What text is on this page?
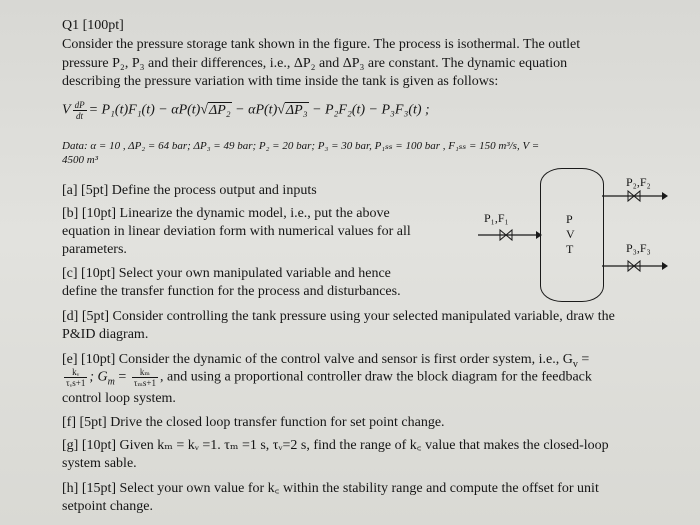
Q1 [100pt]
Consider the pressure storage tank shown in the figure. The process is isothermal. The outlet
pressure P₂, P₃ and their differences, i.e., ΔP₂ and ΔP₃ are constant. The dynamic equation
describing the pressure variation with time inside the tank is given as follows:
V $\frac{dP}{dt} = P_1(t)F_1(t) - \alpha P(t)√\Delta P_2 - \alpha P(t)√\Delta P_3 - P_2F_2(t) - P_3F_3(t)$ ;
Data: α = 10 , ΔP₂ = 64 bar; ΔP₃ = 49 bar; P₂ = 20 bar; P₃ = 30 bar, P₁ₛₛ = 100 bar , F₁ₛₛ = 150 m³/s, V =
4500 m³
[a] [5pt] Define the process output and inputs
[b] [10pt] Linearize the dynamic model, i.e., put the above
equation in linear deviation form with numerical values for all
parameters.
[c] [10pt] Select your own manipulated variable and hence
define the transfer function for the process and disturbances.
P₁,F₁
P₂,F₂
P₃,F₃
P
V
T
[d] [5pt] Consider controlling the tank pressure using your selected manipulated variable, draw the
P&ID diagram.
[e] [10pt] Consider the dynamic of the control valve and sensor is first order system, i.e., $G_v$ =
$\frac{\text{kᵥ}}{\text{τᵥs+1}}$ ; $G_m = \frac{\text{kₘ}}{\text{τₘs+1}}$ , and using a proportional controller draw the block diagram for the feedback
control loop system.
[f] [5pt] Drive the closed loop transfer function for set point change.
[g] [10pt] Given kₘ = kᵥ =1. τₘ =1 s, τᵥ=2 s, find the range of k꜀ value that makes the closed-loop
system sable.
[h] [15pt] Select your own value for k꜀ within the stability range and compute the offset for unit
setpoint change.
